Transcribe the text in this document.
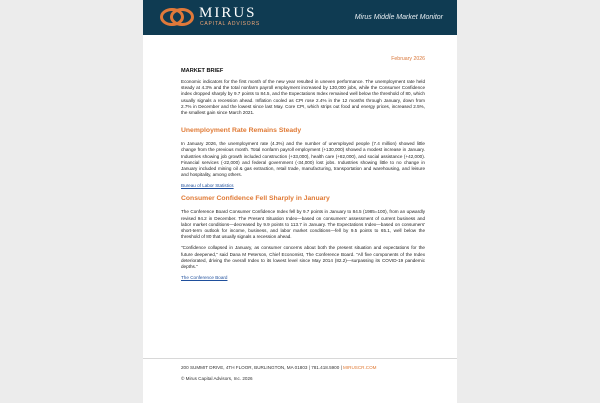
MIRUS
CAPITAL ADVISORS
Mirus Middle Market Monitor
February 2026
MARKET BRIEF

Economic indicators for the first month of the new year resulted in uneven performance. The unemployment rate held steady at 4.3% and the total nonfarm payroll employment increased by 130,000 jobs, while the Consumer Confidence index dropped sharply by 9.7 points to 84.5, and the Expectations Index remained well below the threshold of 80, which usually signals a recession ahead. Inflation cooled as CPI rose 2.4% in the 12 months through January, down from 2.7% in December and the lowest since last May. Core CPI, which strips out food and energy prices, increased 2.5%, the smallest gain since March 2021.

Unemployment Rate Remains Steady

In January 2026, the unemployment rate (4.3%) and the number of unemployed people (7.4 million) showed little change from the previous month. Total nonfarm payroll employment (+130,000) showed a modest increase in January. Industries showing job growth included construction (+33,000), health care (+82,000), and social assistance (+42,000). Financial services (-22,000) and federal government (-34,000) lost jobs. Industries showing little to no change in January included mining oil & gas extraction, retail trade, manufacturing, transportation and warehousing, and leisure and hospitality, among others.

Bureau of Labor Statistics
Consumer Confidence Fell Sharply in January

The Conference Board Consumer Confidence Index fell by 9.7 points in January to 84.5 (1985=100), from an upwardly revised 94.2 in December. The Present Situation Index—based on consumers' assessment of current business and labor market conditions—decreased by 9.9 points to 113.7 in January. The Expectations Index—based on consumers' short-term outlook for income, business, and labor market conditions—fell by 9.5 points to 65.1, well below the threshold of 80 that usually signals a recession ahead.

"Confidence collapsed in January, as consumer concerns about both the present situation and expectations for the future deepened," said Dana M Peterson, Chief Economist, The Conference Board. "All five components of the Index deteriorated, driving the overall Index to its lowest level since May 2014 (82.2)—surpassing its COVID-19 pandemic depths."

The Conference Board
200 SUMMIT DRIVE, 4TH FLOOR, BURLINGTON, MA 01803 | 781.418.5900 | MIRUSCR.COM
© Mirus Capital Advisors, Inc. 2026
